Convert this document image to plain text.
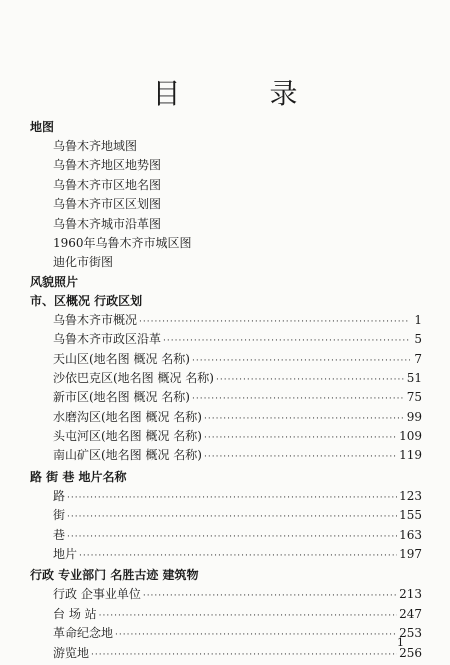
目 录
地图
乌鲁木齐地域图
乌鲁木齐地区地势图
乌鲁木齐市区地名图
乌鲁木齐市区区划图
乌鲁木齐城市沿革图
1960年乌鲁木齐市城区图
迪化市街图
风貌照片
市、区概况 行政区划
乌鲁木齐市概况 ·····	1
乌鲁木齐市政区沿革 ·····	5
天山区(地名图 概况 名称) ·····	7
沙依巴克区(地名图 概况 名称) ·····	51
新市区(地名图 概况 名称) ·····	75
水磨沟区(地名图 概况 名称) ·····	99
头屯河区(地名图 概况 名称) ·····	109
南山矿区(地名图 概况 名称) ·····	119
路 街 巷 地片名称
路 ·····	123
街 ·····	155
巷 ·····	163
地片 ·····	197
行政 专业部门 名胜古迹 建筑物
行政 企事业单位 ·····	213
台 场 站 ·····	247
革命纪念地 ·····	253
游览地 ·····	256
1
